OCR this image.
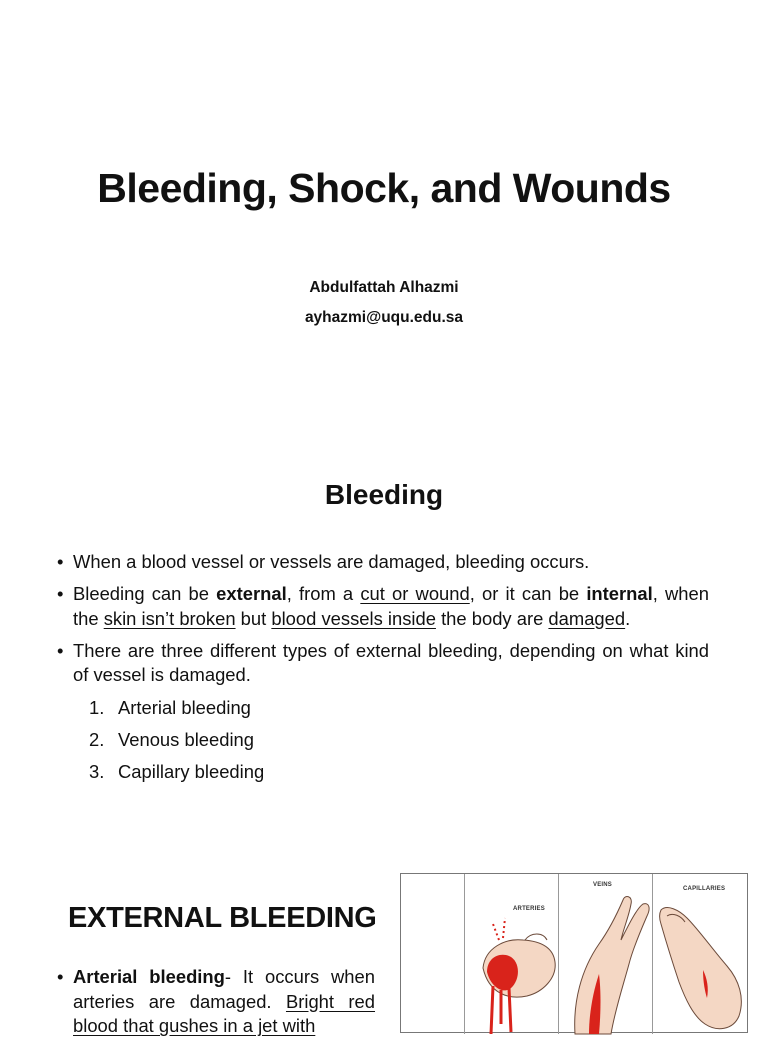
Bleeding, Shock, and Wounds
Abdulfattah Alhazmi
ayhazmi@uqu.edu.sa
Bleeding
• When a blood vessel or vessels are damaged, bleeding occurs.
• Bleeding can be external, from a cut or wound, or it can be internal, when the skin isn’t broken but blood vessels inside the body are damaged.
• There are three different types of external bleeding, depending on what kind of vessel is damaged.
1. Arterial bleeding
2. Venous bleeding
3. Capillary bleeding
EXTERNAL BLEEDING
• Arterial bleeding- It occurs when arteries are damaged. Bright red blood that gushes in a jet with
ARTERIES
VEINS
CAPILLARIES
